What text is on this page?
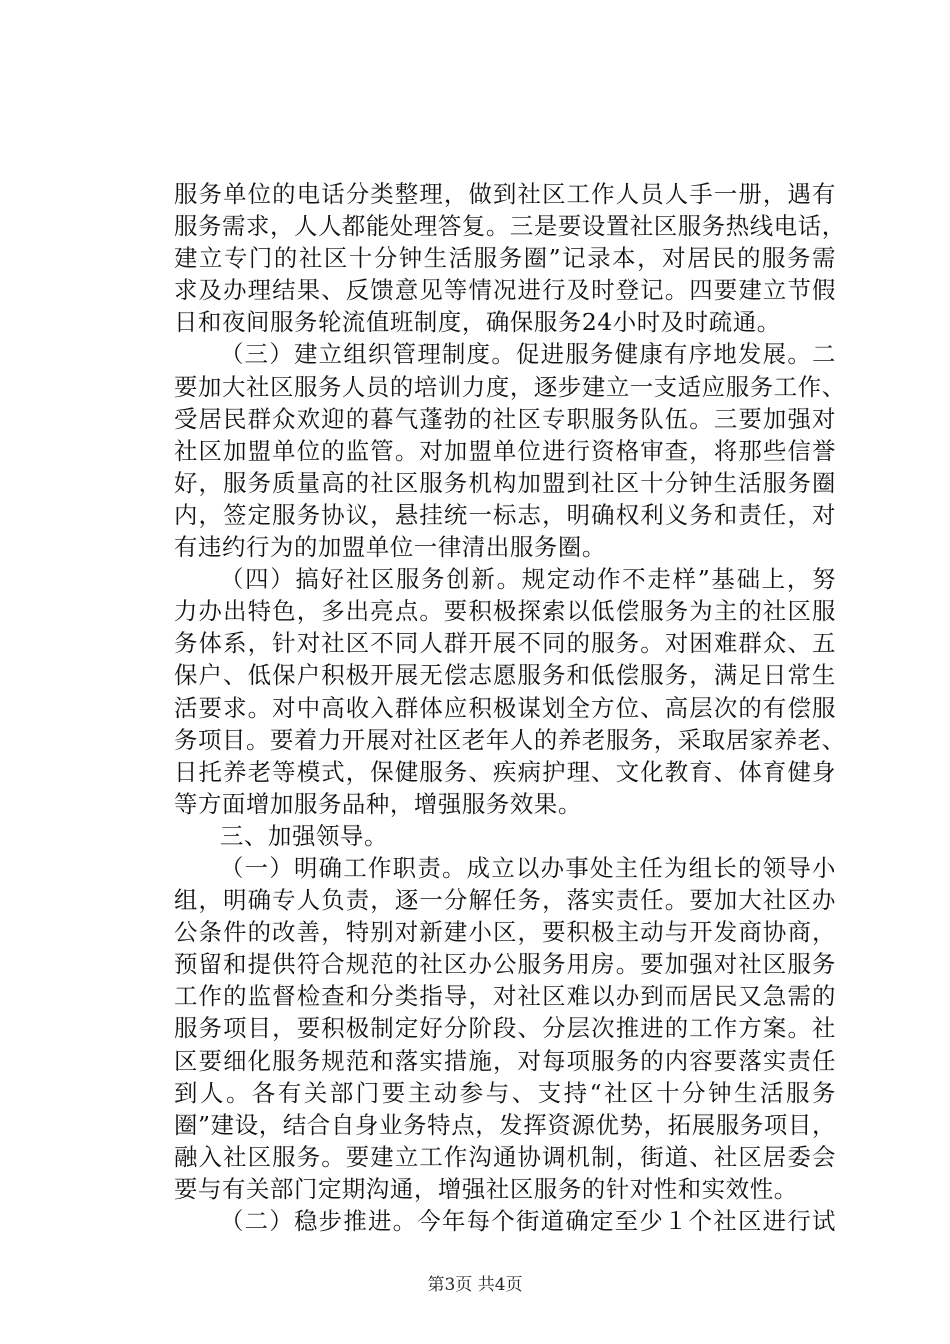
服务单位的电话分类整理，做到社区工作人员人手一册，遇有
服务需求，人人都能处理答复。三是要设置社区服务热线电话，
建立专门的社区十分钟生活服务圈”记录本，对居民的服务需
求及办理结果、反馈意见等情况进行及时登记。四要建立节假
日和夜间服务轮流值班制度，确保服务24小时及时疏通。
（三）建立组织管理制度。促进服务健康有序地发展。二
要加大社区服务人员的培训力度，逐步建立一支适应服务工作、
受居民群众欢迎的暮气蓬勃的社区专职服务队伍。三要加强对
社区加盟单位的监管。对加盟单位进行资格审查，将那些信誉
好，服务质量高的社区服务机构加盟到社区十分钟生活服务圈
内，签定服务协议，悬挂统一标志，明确权利义务和责任，对
有违约行为的加盟单位一律清出服务圈。
（四）搞好社区服务创新。规定动作不走样”基础上，努
力办出特色，多出亮点。要积极探索以低偿服务为主的社区服
务体系，针对社区不同人群开展不同的服务。对困难群众、五
保户、低保户积极开展无偿志愿服务和低偿服务，满足日常生
活要求。对中高收入群体应积极谋划全方位、高层次的有偿服
务项目。要着力开展对社区老年人的养老服务，采取居家养老、
日托养老等模式，保健服务、疾病护理、文化教育、体育健身
等方面增加服务品种，增强服务效果。
三、加强领导。
（一）明确工作职责。成立以办事处主任为组长的领导小
组，明确专人负责，逐一分解任务，落实责任。要加大社区办
公条件的改善，特别对新建小区，要积极主动与开发商协商，
预留和提供符合规范的社区办公服务用房。要加强对社区服务
工作的监督检查和分类指导，对社区难以办到而居民又急需的
服务项目，要积极制定好分阶段、分层次推进的工作方案。社
区要细化服务规范和落实措施，对每项服务的内容要落实责任
到人。各有关部门要主动参与、支持“社区十分钟生活服务
圈”建设，结合自身业务特点，发挥资源优势，拓展服务项目，
融入社区服务。要建立工作沟通协调机制，街道、社区居委会
要与有关部门定期沟通，增强社区服务的针对性和实效性。
（二）稳步推进。今年每个街道确定至少１个社区进行试
第3页 共4页
